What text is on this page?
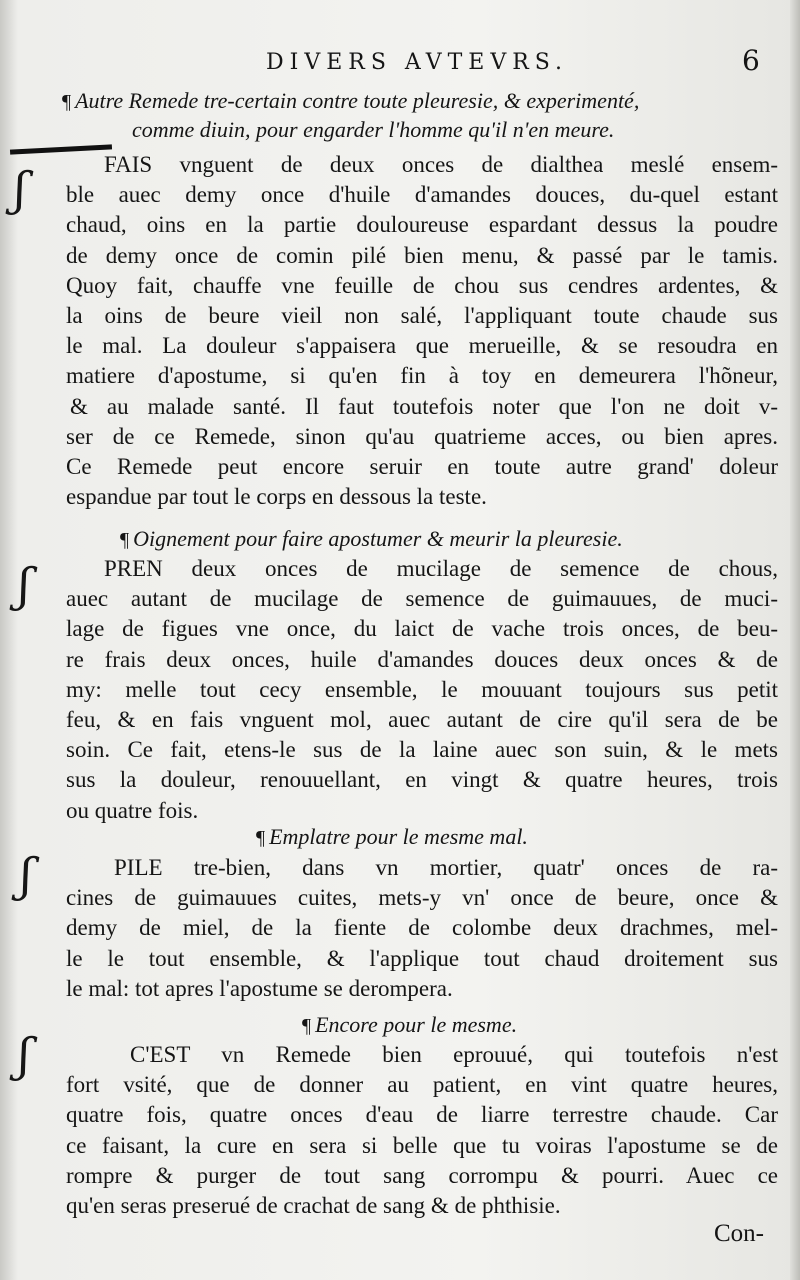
DIVERS AVTEVRS.	6
¶ Autre Remede tre-certain contre toute pleuresie, & experimenté,
comme diuin, pour engarder l'homme qu'il n'en meure.
ʃ	FAIS vnguent de deux onces de dialthea meslé ensem-
ble auec demy once d'huile d'amandes douces, du-quel estant
chaud, oins en la partie douloureuse espardant dessus la poudre
de demy once de comin pilé bien menu, & passé par le tamis.
Quoy fait, chauffe vne feuille de chou sus cendres ardentes, &
la oins de beure vieil non salé, l'appliquant toute chaude sus
le mal. La douleur s'appaisera que merueille, & se resoudra en
matiere d'apostume, si qu'en fin à toy en demeurera l'hõneur,
& au malade santé. Il faut toutefois noter que l'on ne doit v-
ser de ce Remede, sinon qu'au quatrieme acces, ou bien apres.
Ce Remede peut encore seruir en toute autre grand' doleur
espandue par tout le corps en dessous la teste.
¶ Oignement pour faire apostumer & meurir la pleuresie.
ʃ	PREN deux onces de mucilage de semence de chous,
auec autant de mucilage de semence de guimauues, de muci-
lage de figues vne once, du laict de vache trois onces, de beu-
re frais deux onces, huile d'amandes douces deux onces & de
my: melle tout cecy ensemble, le mouuant toujours sus petit
feu, & en fais vnguent mol, auec autant de cire qu'il sera de be
soin. Ce fait, etens-le sus de la laine auec son suin, & le mets
sus la douleur, renouuellant, en vingt & quatre heures, trois
ou quatre fois.
¶ Emplatre pour le mesme mal.
ʃ	PILE tre-bien, dans vn mortier, quatr' onces de ra-
cines de guimauues cuites, mets-y vn' once de beure, once &
demy de miel, de la fiente de colombe deux drachmes, mel-
le le tout ensemble, & l'applique tout chaud droitement sus
le mal: tot apres l'apostume se derompera.
¶ Encore pour le mesme.
ʃ	C'EST vn Remede bien eprouué, qui toutefois n'est
fort vsité, que de donner au patient, en vint quatre heures,
quatre fois, quatre onces d'eau de liarre terrestre chaude. Car
ce faisant, la cure en sera si belle que tu voiras l'apostume se de
rompre & purger de tout sang corrompu & pourri. Auec ce
qu'en seras preserué de crachat de sang & de phthisie.
Con-
